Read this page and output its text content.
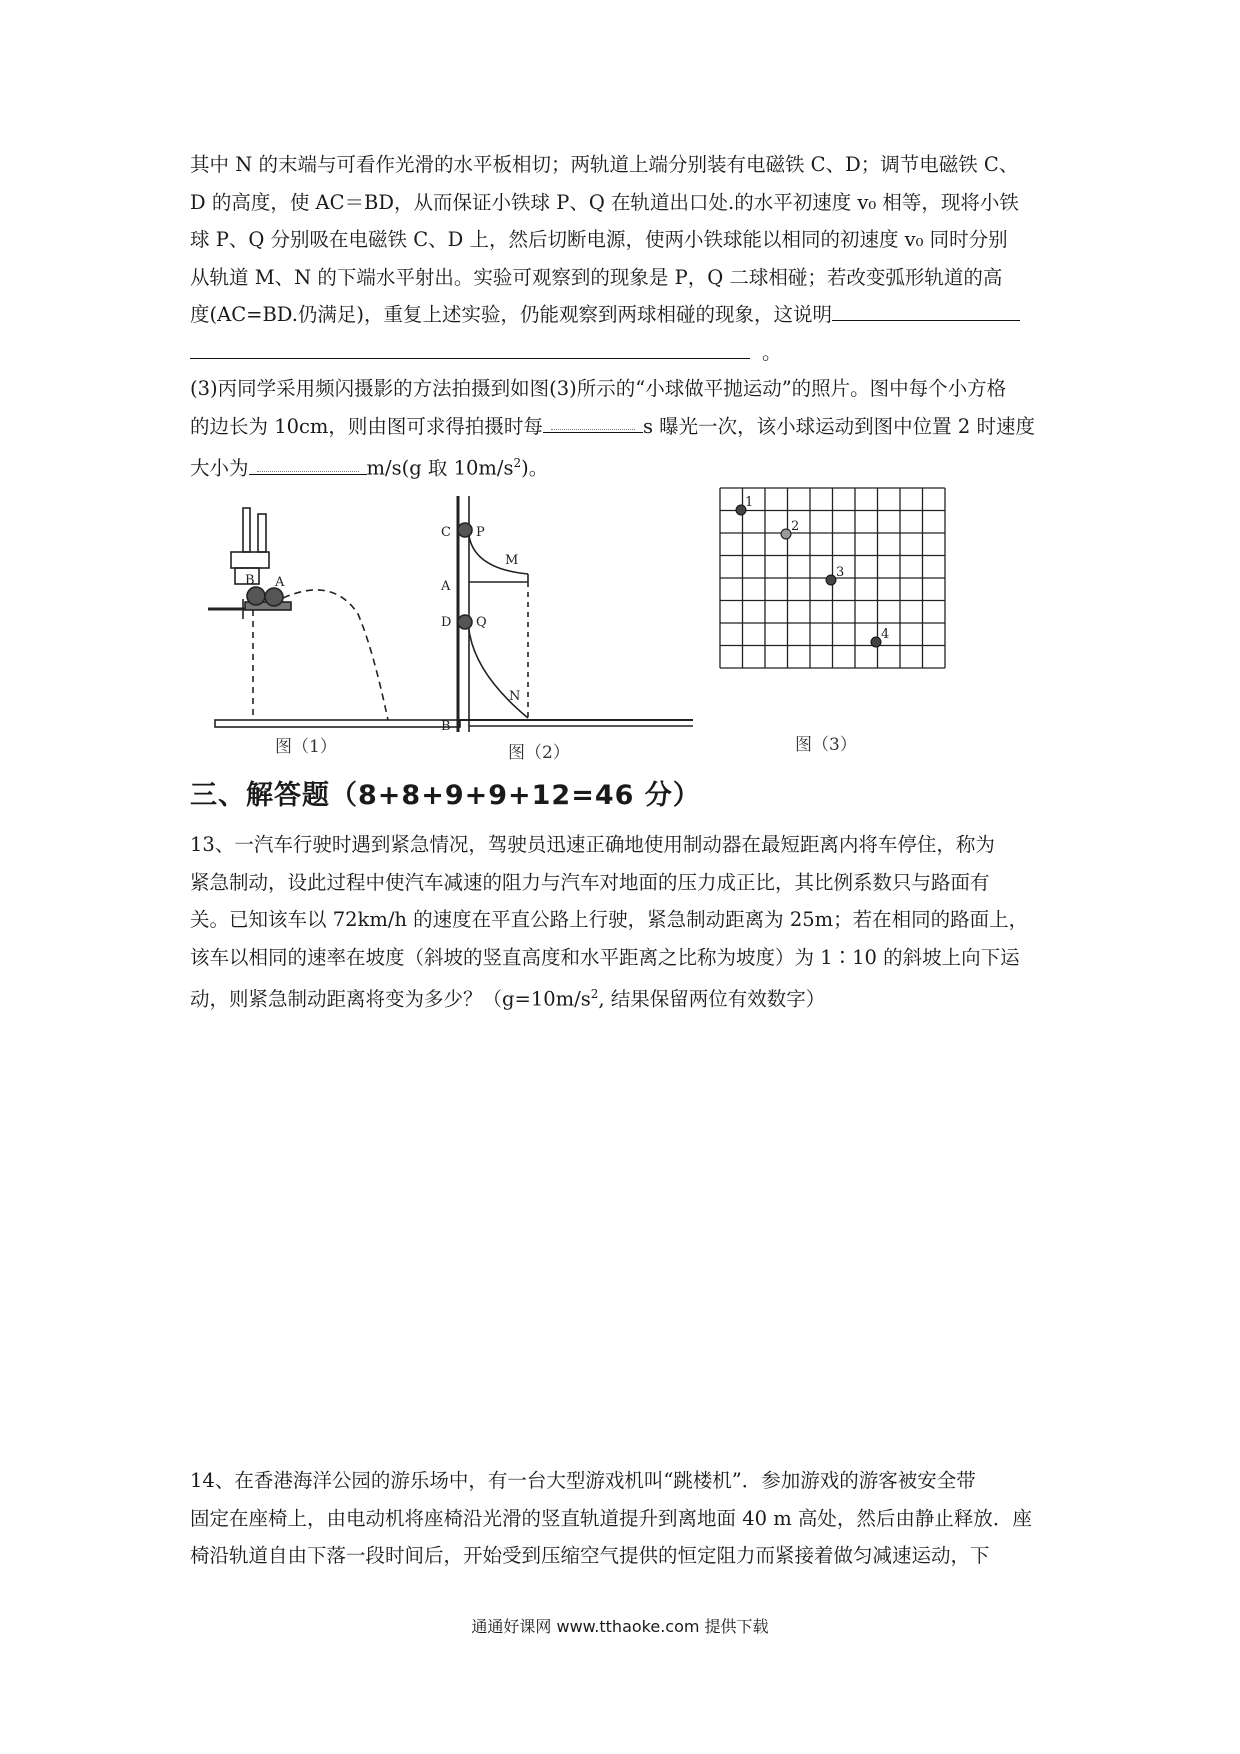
其中 N 的末端与可看作光滑的水平板相切；两轨道上端分别装有电磁铁 C、D；调节电磁铁 C、
D 的高度，使 AC＝BD，从而保证小铁球 P、Q 在轨道出口处.的水平初速度 v₀ 相等，现将小铁
球 P、Q 分别吸在电磁铁 C、D 上，然后切断电源，使两小铁球能以相同的初速度 v₀ 同时分别
从轨道 M、N 的下端水平射出。实验可观察到的现象是 P，Q 二球相碰；若改变弧形轨道的高
度(AC=BD.仍满足)，重复上述实验，仍能观察到两球相碰的现象，这说明
。
(3)丙同学采用频闪摄影的方法拍摄到如图(3)所示的“小球做平抛运动”的照片。图中每个小方格
的边长为 10cm，则由图可求得拍摄时每	s 曝光一次，该小球运动到图中位置 2 时速度
大小为	m/s(g 取 $10m/s^2$)。
B A
图（1）
C P
M
A
D Q
N
B
图（2）
1
2
3
4
图（3）
三、解答题（8+8+9+9+12=46 分）
13、一汽车行驶时遇到紧急情况，驾驶员迅速正确地使用制动器在最短距离内将车停住，称为
紧急制动，设此过程中使汽车减速的阻力与汽车对地面的压力成正比，其比例系数只与路面有
关。已知该车以 72km/h 的速度在平直公路上行驶，紧急制动距离为 25m；若在相同的路面上，
该车以相同的速率在坡度（斜坡的竖直高度和水平距离之比称为坡度）为 1∶10 的斜坡上向下运
动，则紧急制动距离将变为多少？（$g=10m/s^2$, 结果保留两位有效数字）
14、在香港海洋公园的游乐场中，有一台大型游戏机叫“跳楼机”．参加游戏的游客被安全带
固定在座椅上，由电动机将座椅沿光滑的竖直轨道提升到离地面 40 m 高处，然后由静止释放．座
椅沿轨道自由下落一段时间后，开始受到压缩空气提供的恒定阻力而紧接着做匀减速运动，下
通通好课网 www.tthaoke.com 提供下载
